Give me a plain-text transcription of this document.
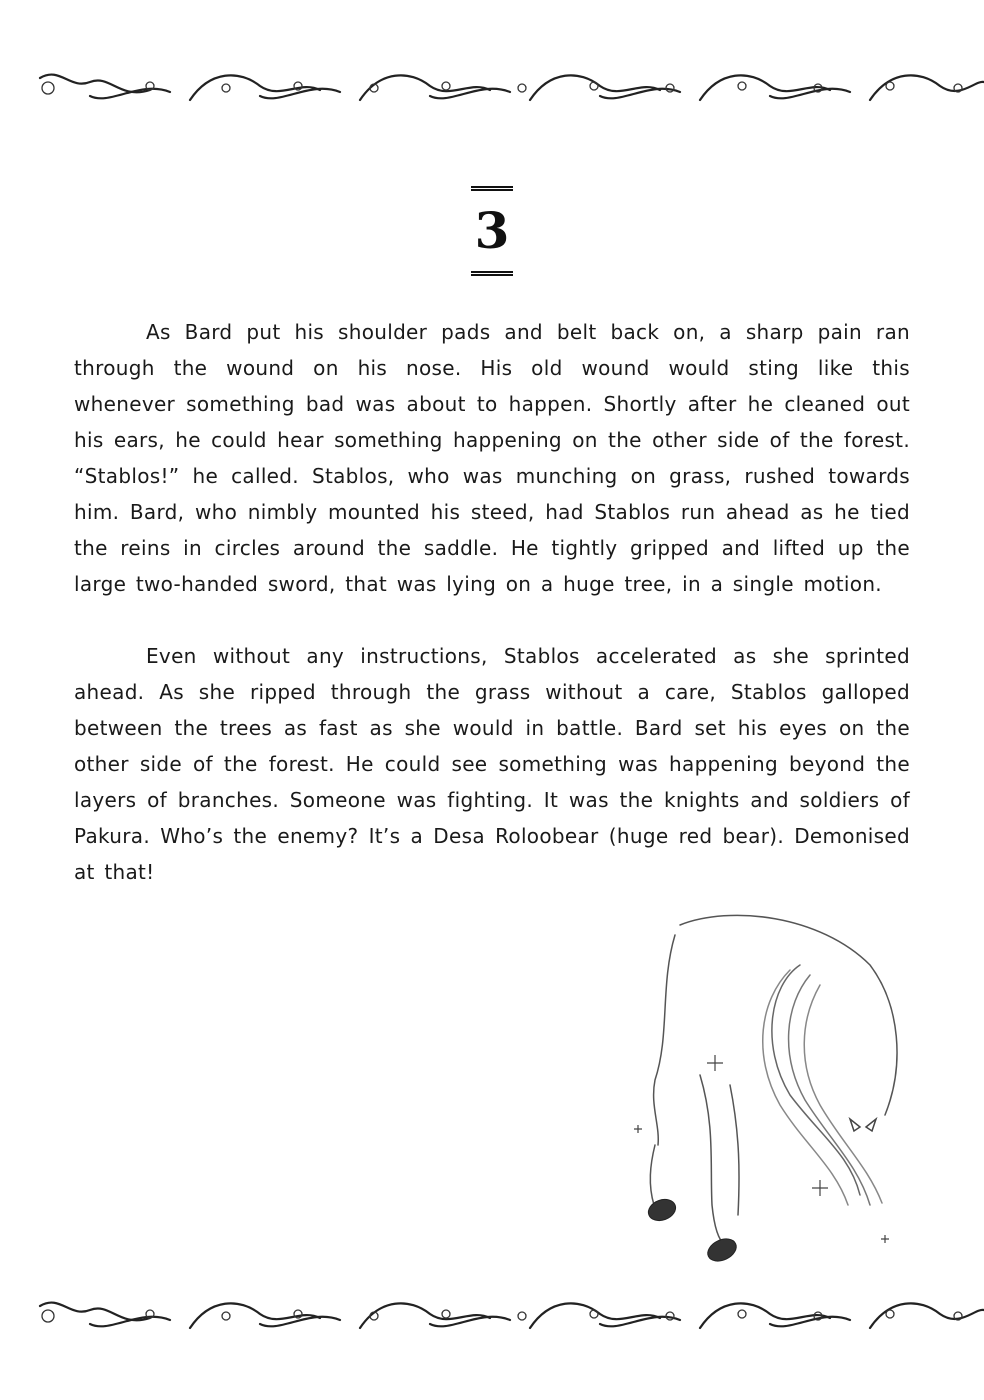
3

As Bard put his shoulder pads and belt back on, a sharp pain ran through the wound on his nose. His old wound would sting like this whenever something bad was about to happen. Shortly after he cleaned out his ears, he could hear something happening on the other side of the forest. “Stablos!” he called. Stablos, who was munching on grass, rushed towards him. Bard, who nimbly mounted his steed, had Stablos run ahead as he tied the reins in circles around the saddle. He tightly gripped and lifted up the large two-handed sword, that was lying on a huge tree, in a single motion.

Even without any instructions, Stablos accelerated as she sprinted ahead. As she ripped through the grass without a care, Stablos galloped between the trees as fast as she would in battle. Bard set his eyes on the other side of the forest. He could see something was happening beyond the layers of branches. Someone was fighting. It was the knights and soldiers of Pakura. Who’s the enemy? It’s a Desa Roloobear (huge red bear). Demonised at that!
